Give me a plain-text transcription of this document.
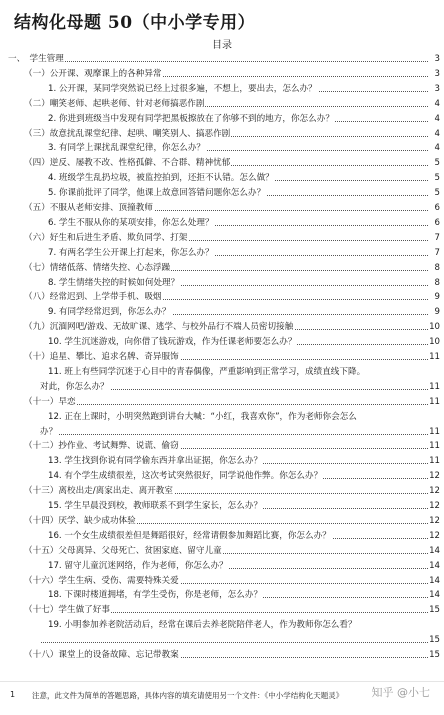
结构化母题 50（中小学专用）
目录
一、　学生管理	3
（一）公开课、观摩课上的各种异常	3
1. 公开课，某同学突然说已经上过很多遍，不想上，要出去，怎么办？	3
（二）嘲笑老师、起哄老师、针对老师搞恶作剧	4
2. 你进到班级当中发现有同学把黑板擦放在了你够不到的地方，你怎么办？	4
（三）故意扰乱课堂纪律、起哄、嘲笑别人、搞恶作剧	4
3. 有同学上课扰乱课堂纪律，你怎么办？	4
（四）逆反、屡教不改、性格孤僻、不合群、精神忧郁	5
4. 班级学生乱扔垃圾，被监控拍到，还拒不认错。怎么做？	5
5. 你课前批评了同学，他课上故意回答错问题你怎么办？	5
（五）不服从老师安排、顶撞教师	6
6. 学生不服从你的某项安排，你怎么处理？	6
（六）好生和后进生矛盾、欺负同学、打架	7
7. 有两名学生公开课上打起来，你怎么办？	7
（七）情绪低落、情绪失控、心态浮躁	8
8. 学生情绪失控的时候如何处理？	8
（八）经常迟到、上学带手机、吸烟	9
9. 有同学经常迟到，你怎么办？	9
（九）沉湎网吧/游戏、无故旷课、逃学、与校外品行不端人员密切接触	10
10. 学生沉迷游戏，向你借了钱玩游戏，作为任课老师要怎么办？	10
（十）追星、攀比、追求名牌、奇异服饰	11
11. 班上有些同学沉迷于心目中的青春偶像，严重影响到正常学习，成绩直线下降。
对此，你怎么办？	11
（十一）早恋	11
12. 正在上课时，小明突然跑到讲台大喊：“小红，我喜欢你”，作为老师你会怎么
办？	11
（十二）抄作业、考试舞弊、说谎、偷窃	11
13. 学生找到你说有同学偷东西并拿出证据，你怎么办？	11
14. 有个学生成绩很差，这次考试突然很好，同学说他作弊。你怎么办？	12
（十三）离校出走/离家出走、离开教室	12
15. 学生早晨没到校，教师联系不到学生家长，怎么办？	12
（十四）厌学、缺少成功体验	12
16. 一个女生成绩很差但是舞蹈很好，经常请假参加舞蹈比赛，你怎么办？	12
（十五）父母离异、父母死亡、贫困家庭、留守儿童	14
17. 留守儿童沉迷网络，作为老师，你怎么办？	14
（十六）学生生病、受伤、需要特殊关爱	14
18. 下课时楼道拥堵，有学生受伤，你是老师，怎么办？	14
（十七）学生做了好事	15
19. 小明参加养老院活动后，经常在课后去养老院陪伴老人，作为教师你怎么看？
15
（十八）课堂上的设备故障、忘记带教案	15
1 注意，此文件为简单的答题思路，具体内容的填充请使用另一个文件：《中小学结构化天题灵》	知乎 @小七
